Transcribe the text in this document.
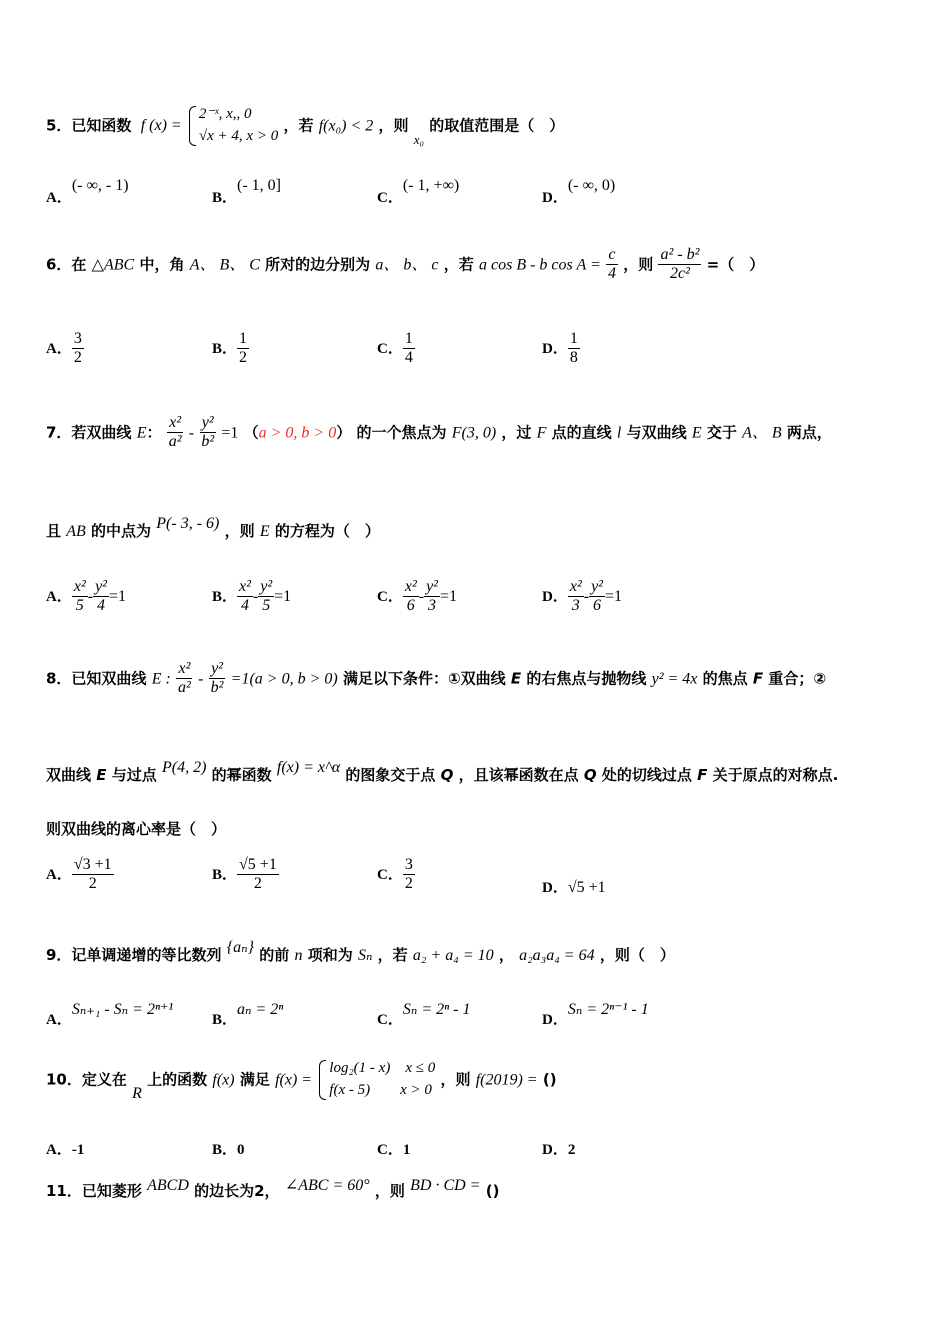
5．已知函数 f (x) =
2⁻ˣ, x,, 0
√x + 4, x > 0
，若 f(x₀) < 2 ，则 x₀ 的取值范围是（　）
A．(- ∞, - 1)
B．(- 1, 0]
C．(- 1, +∞)
D．(- ∞, 0)
6．在 △ABC 中，角 A、 B、 C 所对的边分别为 a、 b、 c ，若 a cos B - b $\cos A = \frac{c}{4}$ ，则 $\frac{\text{a² - b²}}{\text{2c²}}$ =（　）
A． $\frac{3}{2}$	B． $\frac{1}{2}$	C． $\frac{1}{4}$	D． $\frac{1}{8}$
7．若双曲线 E： $\frac{\text{x²}}{\text{a²}} - \frac{\text{y²}}{\text{b²}} =1$ （a > 0, b > 0） 的一个焦点为 F(3, 0) ，过 F 点的直线 l 与双曲线 E 交于 A、 B 两点，
且 AB 的中点为 P(- 3, - 6) ，则 E 的方程为（　）
A． $\frac{\text{x²}}{5} - \frac{\text{y²}}{4} =1$	B． $\frac{\text{x²}}{4} - \frac{\text{y²}}{5} =1$	C． $\frac{\text{x²}}{6} - \frac{\text{y²}}{3} =1$	D． $\frac{\text{x²}}{3} - \frac{\text{y²}}{6} =1$
8．已知双曲线 E : $\frac{\text{x²}}{\text{a²}} - \frac{\text{y²}}{\text{b²}} =1(a > 0$, b > 0) 满足以下条件：①双曲线 E 的右焦点与抛物线 y² = 4x 的焦点 F 重合；②
双曲线 E 与过点 P(4, 2) 的幂函数 f(x) = x^α 的图象交于点 Q ，且该幂函数在点 Q 处的切线过点 F 关于原点的对称点.
则双曲线的离心率是（　）
A． $\frac{√3 +1}{2}$	B． $\frac{√5 +1}{2}$	C． $\frac{3}{2}$	D．√5 +1
9．记单调递增的等比数列 {aₙ} 的前 n 项和为 Sₙ ，若 a₂ + a₄ = 10 ， a₂a₃a₄ = 64 ，则（　）
A．Sₙ₊₁ - Sₙ = 2ⁿ⁺¹
B．aₙ = 2ⁿ
C．Sₙ = 2ⁿ - 1
D．Sₙ = 2ⁿ⁻¹ - 1
10．定义在 R 上的函数 f(x) 满足 f(x) =
log₂(1 - x)　x ≤ 0
f(x - 5)　　x > 0
，则 f(2019) = ()
A．-1	B．0	C．1	D．2
11．已知菱形 ABCD 的边长为2， ∠ABC = 60° ，则 BD · CD = ()
